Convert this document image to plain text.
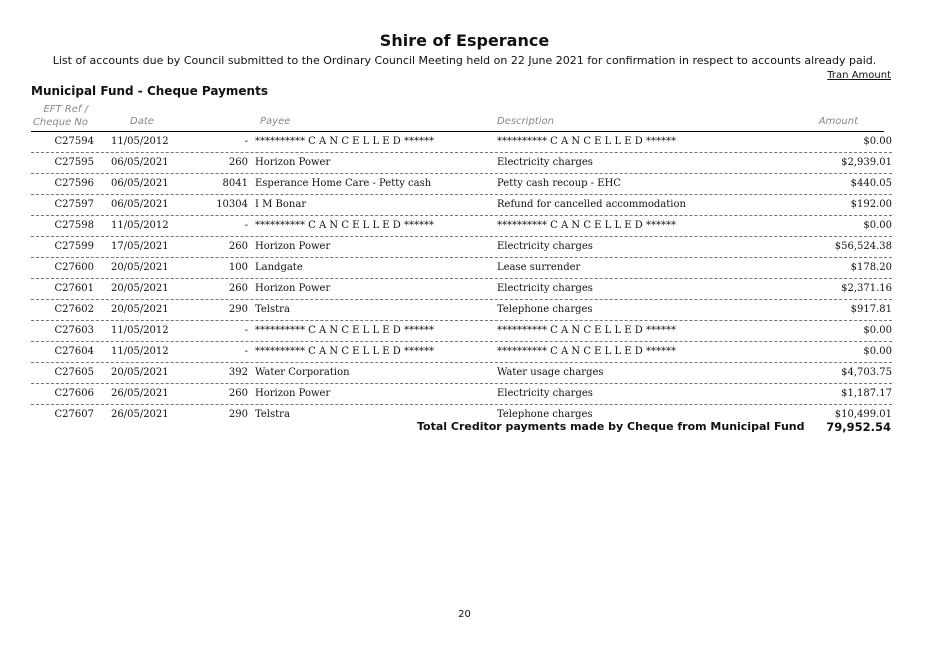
Shire of Esperance
List of accounts due by Council submitted to the Ordinary Council Meeting held on 22 June 2021 for confirmation in respect to accounts already paid.
Tran Amount
Municipal Fund - Cheque Payments
EFT Ref /
Cheque No	Date	Payee	Description	Amount
C27594 11/05/2012	- ********** C A N C E L L E D ******	********** C A N C E L L E D ******	$0.00
C27595 06/05/2021	260 Horizon Power	Electricity charges	$2,939.01
C27596 06/05/2021	8041 Esperance Home Care - Petty cash	Petty cash recoup - EHC	$440.05
C27597 06/05/2021	10304 I M Bonar	Refund for cancelled accommodation	$192.00
C27598 11/05/2012	- ********** C A N C E L L E D ******	********** C A N C E L L E D ******	$0.00
C27599 17/05/2021	260 Horizon Power	Electricity charges	$56,524.38
C27600 20/05/2021	100 Landgate	Lease surrender	$178.20
C27601 20/05/2021	260 Horizon Power	Electricity charges	$2,371.16
C27602 20/05/2021	290 Telstra	Telephone charges	$917.81
C27603 11/05/2012	- ********** C A N C E L L E D ******	********** C A N C E L L E D ******	$0.00
C27604 11/05/2012	- ********** C A N C E L L E D ******	********** C A N C E L L E D ******	$0.00
C27605 20/05/2021	392 Water Corporation	Water usage charges	$4,703.75
C27606 26/05/2021	260 Horizon Power	Electricity charges	$1,187.17
C27607 26/05/2021	290 Telstra	Telephone charges	$10,499.01
Total Creditor payments made by Cheque from Municipal Fund 79,952.54
20
